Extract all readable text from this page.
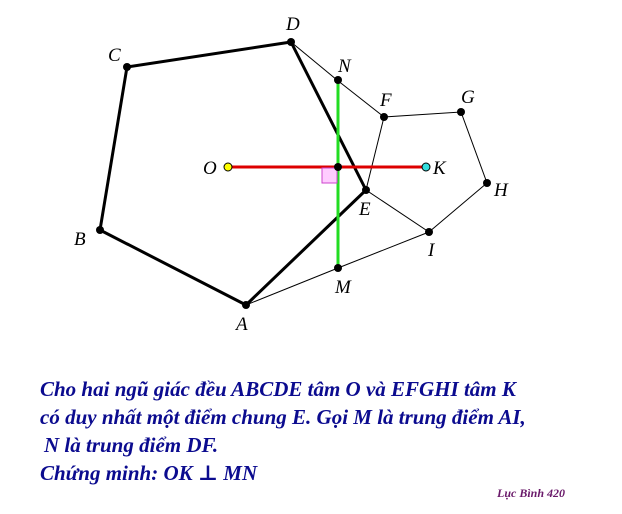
A
B
C
D
E
F	G
H
I
O	K
M
N
Cho hai ngũ giác đều ABCDE tâm O và EFGHI tâm K
có duy nhất một điểm chung E. Gọi M là trung điểm AI,
N là trung điểm DF.
Chứng minh: OK ⊥ MN
Lục Bình 420
